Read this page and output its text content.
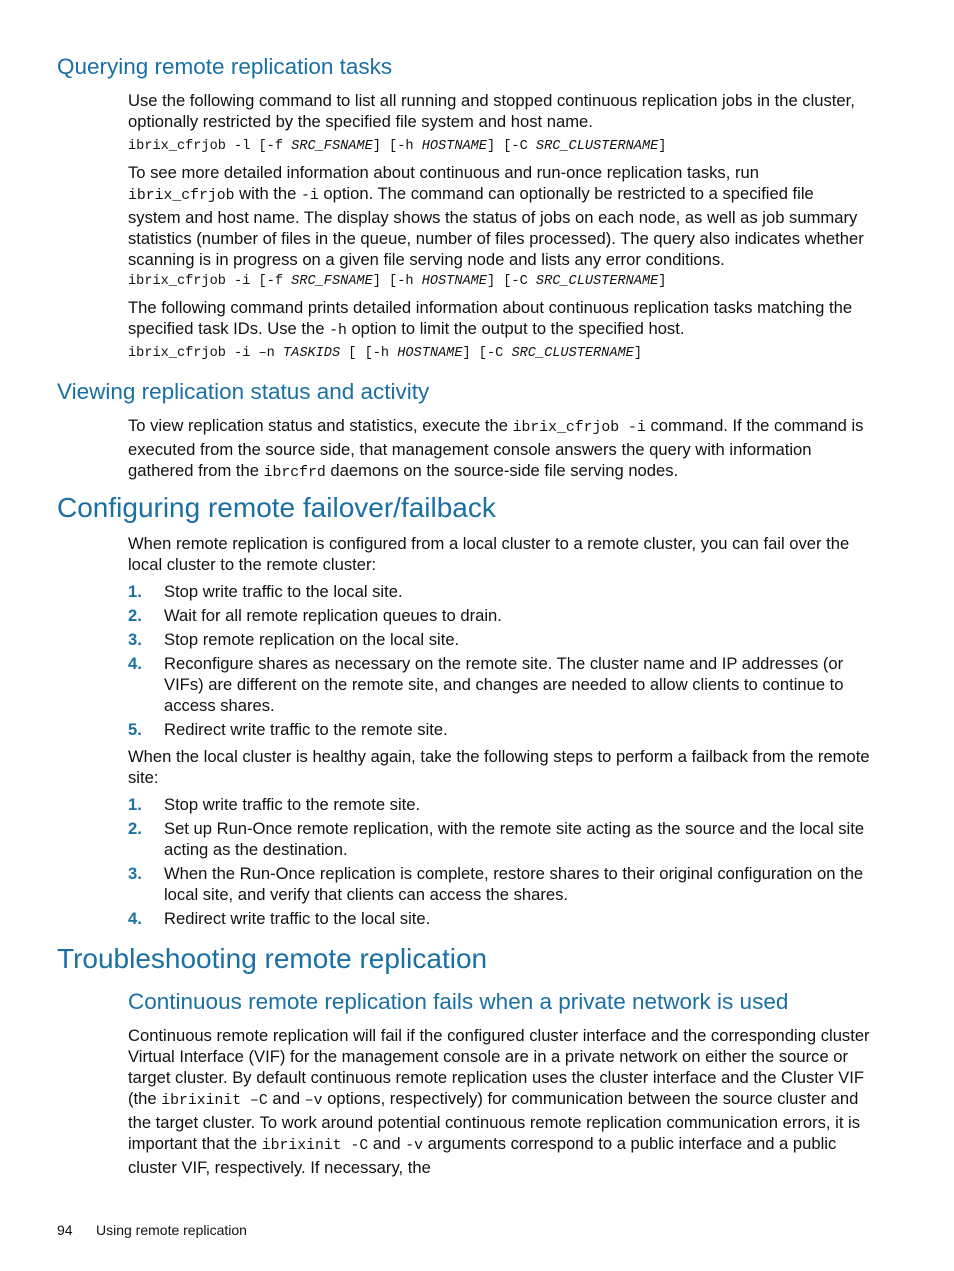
Querying remote replication tasks

Use the following command to list all running and stopped continuous replication jobs in the cluster, optionally restricted by the specified file system and host name.

ibrix_cfrjob -l [-f SRC_FSNAME] [-h HOSTNAME] [-C SRC_CLUSTERNAME]

To see more detailed information about continuous and run-once replication tasks, run
ibrix_cfrjob with the -i option. The command can optionally be restricted to a specified file system and host name. The display shows the status of jobs on each node, as well as job summary statistics (number of files in the queue, number of files processed). The query also indicates whether scanning is in progress on a given file serving node and lists any error conditions.

ibrix_cfrjob -i [-f SRC_FSNAME] [-h HOSTNAME] [-C SRC_CLUSTERNAME]

The following command prints detailed information about continuous replication tasks matching the specified task IDs. Use the -h option to limit the output to the specified host.

ibrix_cfrjob -i –n TASKIDS [ [-h HOSTNAME] [-C SRC_CLUSTERNAME]
Viewing replication status and activity

To view replication status and statistics, execute the ibrix_cfrjob -i command. If the command is executed from the source side, that management console answers the query with information gathered from the ibrcfrd daemons on the source-side file serving nodes.

Configuring remote failover/failback

When remote replication is configured from a local cluster to a remote cluster, you can fail over the local cluster to the remote cluster:

1. Stop write traffic to the local site.
2. Wait for all remote replication queues to drain.
3. Stop remote replication on the local site.
4. Reconfigure shares as necessary on the remote site. The cluster name and IP addresses (or VIFs) are different on the remote site, and changes are needed to allow clients to continue to access shares.
5. Redirect write traffic to the remote site.

When the local cluster is healthy again, take the following steps to perform a failback from the remote site:

1. Stop write traffic to the remote site.
2. Set up Run-Once remote replication, with the remote site acting as the source and the local site acting as the destination.
3. When the Run-Once replication is complete, restore shares to their original configuration on the local site, and verify that clients can access the shares.
4. Redirect write traffic to the local site.
Troubleshooting remote replication
Continuous remote replication fails when a private network is used

Continuous remote replication will fail if the configured cluster interface and the corresponding cluster Virtual Interface (VIF) for the management console are in a private network on either the source or target cluster. By default continuous remote replication uses the cluster interface and the Cluster VIF (the ibrixinit –C and –v options, respectively) for communication between the source cluster and the target cluster. To work around potential continuous remote replication communication errors, it is important that the ibrixinit -C and -v arguments correspond to a public interface and a public cluster VIF, respectively. If necessary, the

94 Using remote replication
